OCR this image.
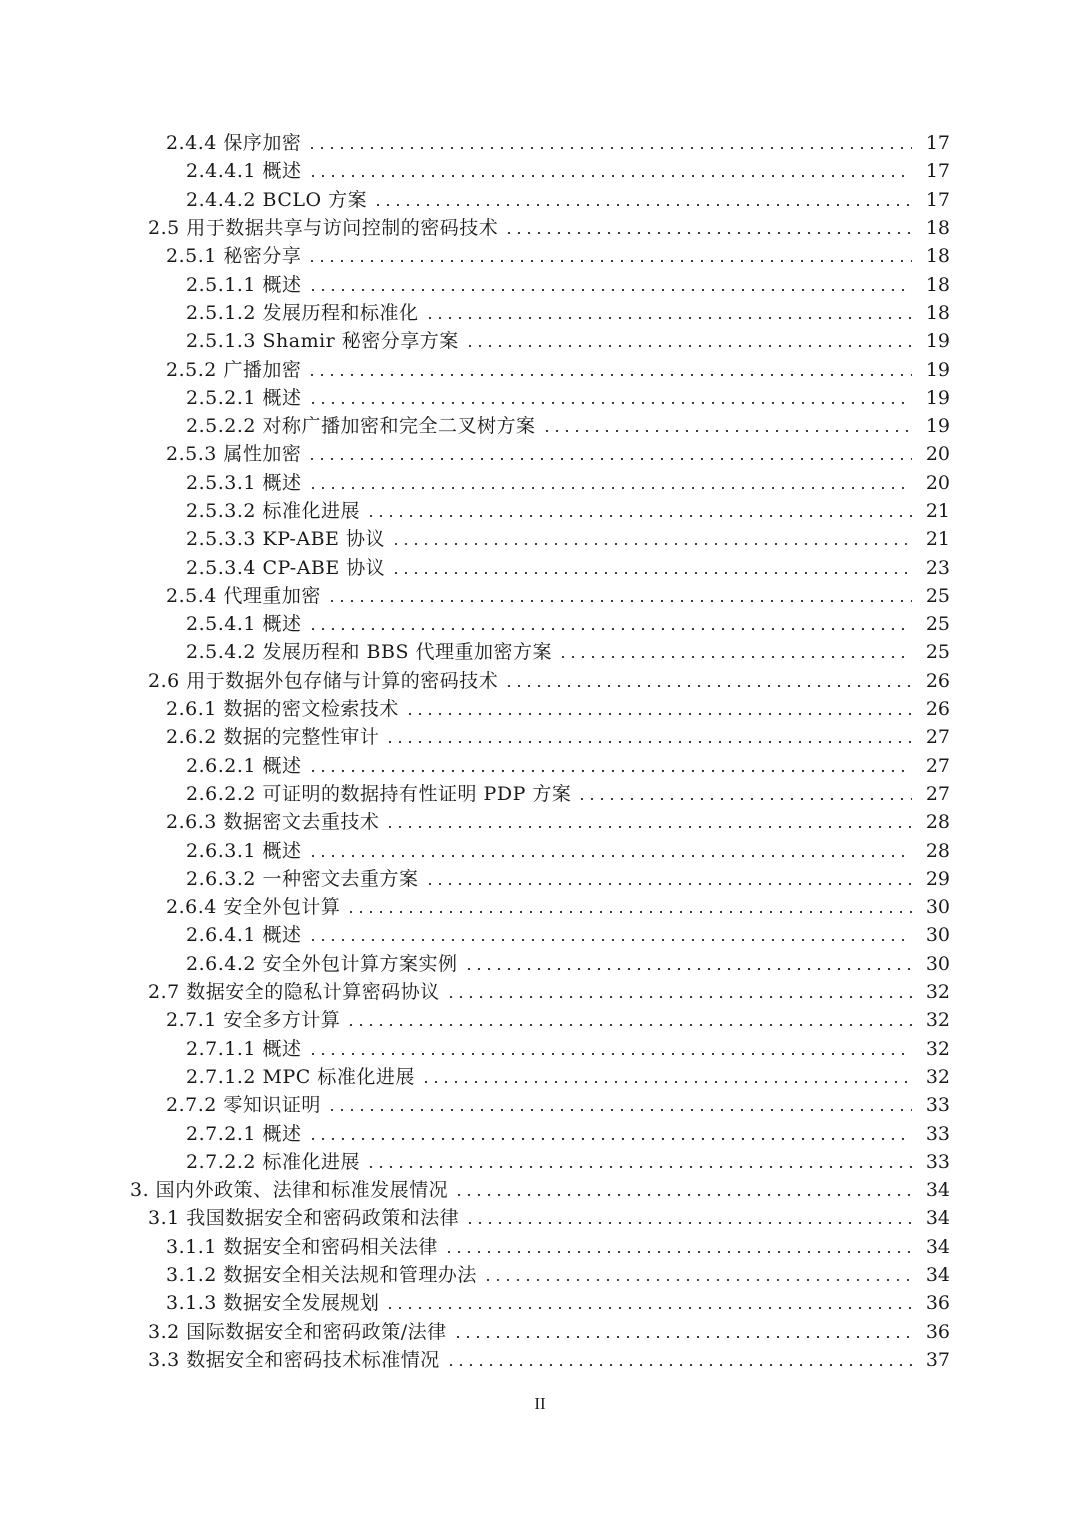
2.4.4 保序加密	17
2.4.4.1 概述	17
2.4.4.2 BCLO 方案	17
2.5 用于数据共享与访问控制的密码技术	18
2.5.1 秘密分享	18
2.5.1.1 概述	18
2.5.1.2 发展历程和标准化	18
2.5.1.3 Shamir 秘密分享方案	19
2.5.2 广播加密	19
2.5.2.1 概述	19
2.5.2.2 对称广播加密和完全二叉树方案	19
2.5.3 属性加密	20
2.5.3.1 概述	20
2.5.3.2 标准化进展	21
2.5.3.3 KP-ABE 协议	21
2.5.3.4 CP-ABE 协议	23
2.5.4 代理重加密	25
2.5.4.1 概述	25
2.5.4.2 发展历程和 BBS 代理重加密方案	25
2.6 用于数据外包存储与计算的密码技术	26
2.6.1 数据的密文检索技术	26
2.6.2 数据的完整性审计	27
2.6.2.1 概述	27
2.6.2.2 可证明的数据持有性证明 PDP 方案	27
2.6.3 数据密文去重技术	28
2.6.3.1 概述	28
2.6.3.2 一种密文去重方案	29
2.6.4 安全外包计算	30
2.6.4.1 概述	30
2.6.4.2 安全外包计算方案实例	30
2.7 数据安全的隐私计算密码协议	32
2.7.1 安全多方计算	32
2.7.1.1 概述	32
2.7.1.2 MPC 标准化进展	32
2.7.2 零知识证明	33
2.7.2.1 概述	33
2.7.2.2 标准化进展	33
3. 国内外政策、法律和标准发展情况	34
3.1 我国数据安全和密码政策和法律	34
3.1.1 数据安全和密码相关法律	34
3.1.2 数据安全相关法规和管理办法	34
3.1.3 数据安全发展规划	36
3.2 国际数据安全和密码政策/法律	36
3.3 数据安全和密码技术标准情况	37
II
